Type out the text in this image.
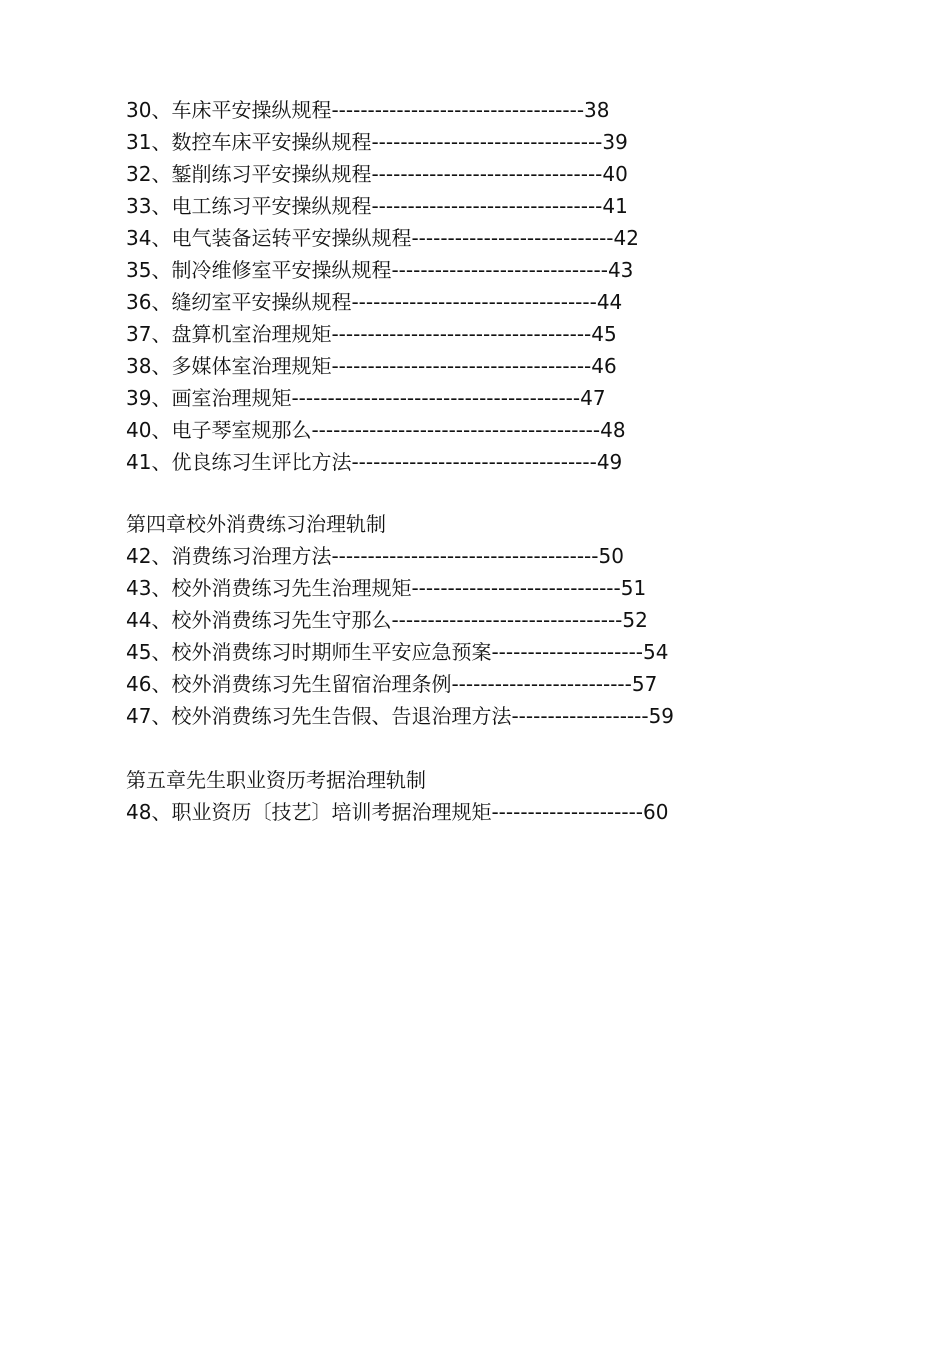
30、车床平安操纵规程-----------------------------------38
31、数控车床平安操纵规程--------------------------------39
32、錾削练习平安操纵规程--------------------------------40
33、电工练习平安操纵规程--------------------------------41
34、电气装备运转平安操纵规程----------------------------42
35、制冷维修室平安操纵规程------------------------------43
36、缝纫室平安操纵规程----------------------------------44
37、盘算机室治理规矩------------------------------------45
38、多媒体室治理规矩------------------------------------46
39、画室治理规矩----------------------------------------47
40、电子琴室规那么----------------------------------------48
41、优良练习生评比方法----------------------------------49
第四章校外消费练习治理轨制
42、消费练习治理方法-------------------------------------50
43、校外消费练习先生治理规矩-----------------------------51
44、校外消费练习先生守那么--------------------------------52
45、校外消费练习时期师生平安应急预案---------------------54
46、校外消费练习先生留宿治理条例-------------------------57
47、校外消费练习先生告假、告退治理方法-------------------59
第五章先生职业资历考据治理轨制
48、职业资历〔技艺〕培训考据治理规矩---------------------60
